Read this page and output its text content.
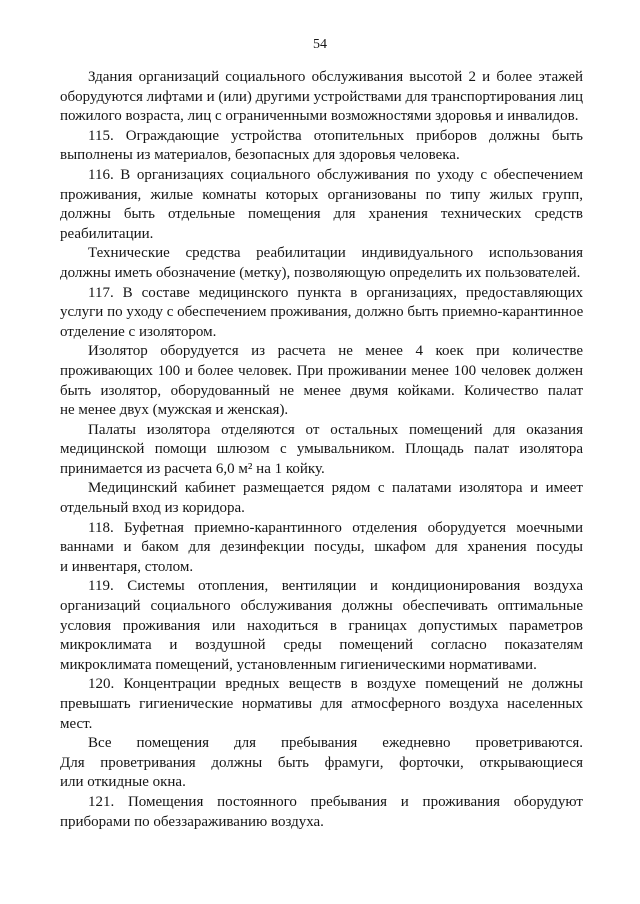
54
Здания организаций социального обслуживания высотой 2 и более этажей
оборудуются лифтами и (или) другими устройствами для транспортирования лиц
пожилого возраста, лиц с ограниченными возможностями здоровья и инвалидов.
115. Ограждающие устройства отопительных приборов должны быть
выполнены из материалов, безопасных для здоровья человека.
116. В организациях социального обслуживания по уходу с обеспечением
проживания, жилые комнаты которых организованы по типу жилых групп,
должны быть отдельные помещения для хранения технических средств
реабилитации.
Технические средства реабилитации индивидуального использования
должны иметь обозначение (метку), позволяющую определить их пользователей.
117. В составе медицинского пункта в организациях, предоставляющих
услуги по уходу с обеспечением проживания, должно быть приемно-карантинное
отделение с изолятором.
Изолятор оборудуется из расчета не менее 4 коек при количестве
проживающих 100 и более человек. При проживании менее 100 человек должен
быть изолятор, оборудованный не менее двумя койками. Количество палат
не менее двух (мужская и женская).
Палаты изолятора отделяются от остальных помещений для оказания
медицинской помощи шлюзом с умывальником. Площадь палат изолятора
принимается из расчета 6,0 м² на 1 койку.
Медицинский кабинет размещается рядом с палатами изолятора и имеет
отдельный вход из коридора.
118. Буфетная приемно-карантинного отделения оборудуется моечными
ваннами и баком для дезинфекции посуды, шкафом для хранения посуды
и инвентаря, столом.
119. Системы отопления, вентиляции и кондиционирования воздуха
организаций социального обслуживания должны обеспечивать оптимальные
условия проживания или находиться в границах допустимых параметров
микроклимата и воздушной среды помещений согласно показателям
микроклимата помещений, установленным гигиеническими нормативами.
120. Концентрации вредных веществ в воздухе помещений не должны
превышать гигиенические нормативы для атмосферного воздуха населенных
мест.
Все помещения для пребывания ежедневно проветриваются.
Для проветривания должны быть фрамуги, форточки, открывающиеся
или откидные окна.
121. Помещения постоянного пребывания и проживания оборудуют
приборами по обеззараживанию воздуха.
